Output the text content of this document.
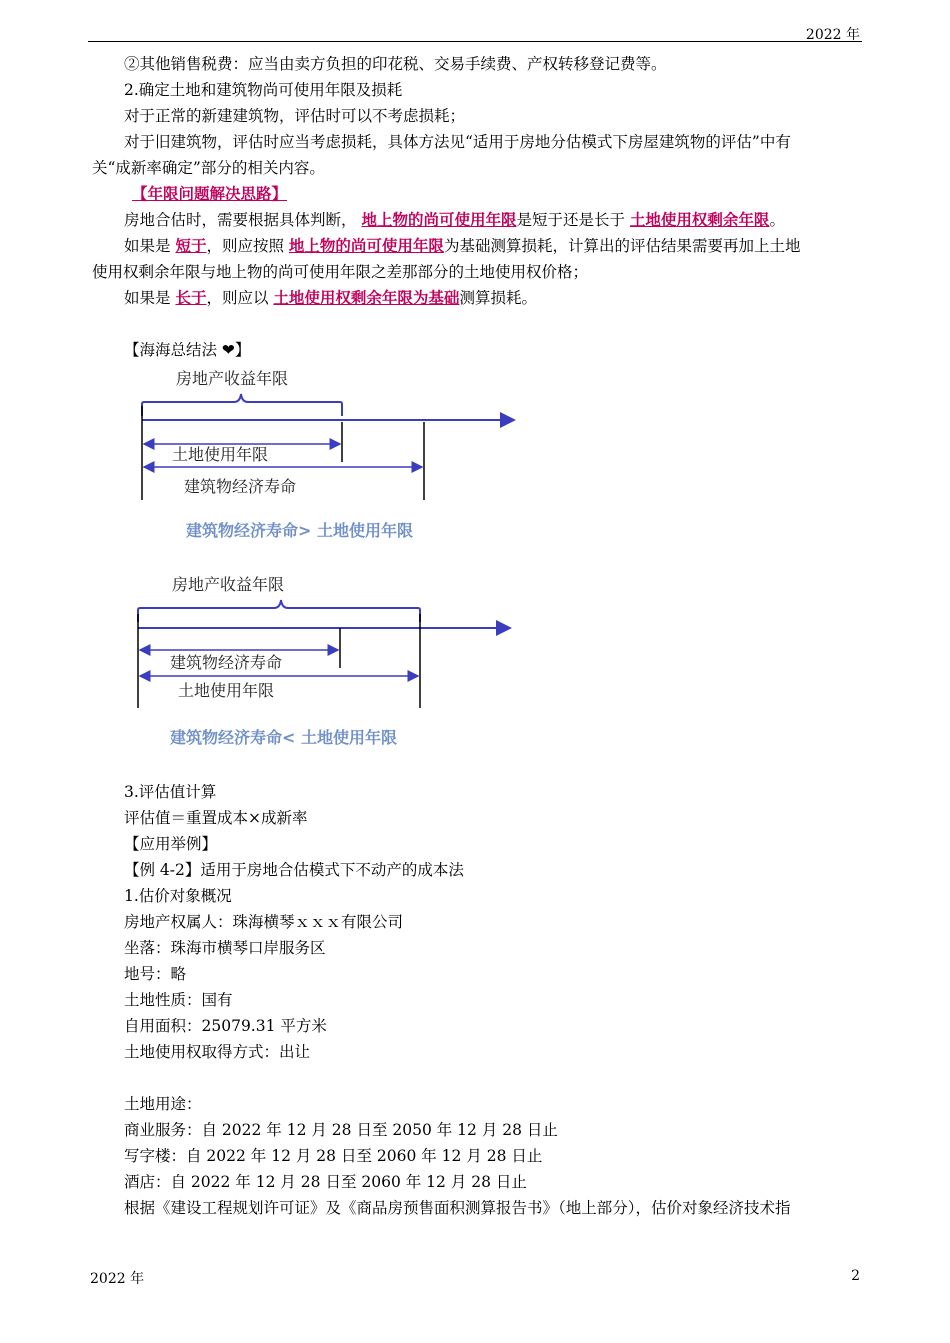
2022 年
②其他销售税费：应当由卖方负担的印花税、交易手续费、产权转移登记费等。
2.确定土地和建筑物尚可使用年限及损耗
对于正常的新建建筑物，评估时可以不考虑损耗；
对于旧建筑物，评估时应当考虑损耗，具体方法见“适用于房地分估模式下房屋建筑物的评估”中有
关“成新率确定”部分的相关内容。
【年限问题解决思路】
房地合估时，需要根据具体判断， 地上物的尚可使用年限是短于还是长于 土地使用权剩余年限。
如果是 短于，则应按照 地上物的尚可使用年限为基础测算损耗，计算出的评估结果需要再加上土地
使用权剩余年限与地上物的尚可使用年限之差那部分的土地使用权价格；
如果是 长于，则应以 土地使用权剩余年限为基础测算损耗。
【海海总结法 ❤】
房地产收益年限
土地使用年限
建筑物经济寿命
建筑物经济寿命> 土地使用年限
房地产收益年限
建筑物经济寿命
土地使用年限
建筑物经济寿命< 土地使用年限
3.评估值计算
评估值＝重置成本×成新率
【应用举例】
【例 4-2】适用于房地合估模式下不动产的成本法
1.估价对象概况
房地产权属人：珠海横琴ｘｘｘ有限公司
坐落：珠海市横琴口岸服务区
地号：略
土地性质：国有
自用面积：25079.31 平方米
土地使用权取得方式：出让
土地用途：
商业服务：自 2022 年 12 月 28 日至 2050 年 12 月 28 日止
写字楼：自 2022 年 12 月 28 日至 2060 年 12 月 28 日止
酒店：自 2022 年 12 月 28 日至 2060 年 12 月 28 日止
根据《建设工程规划许可证》及《商品房预售面积测算报告书》（地上部分），估价对象经济技术指
2022 年	2
